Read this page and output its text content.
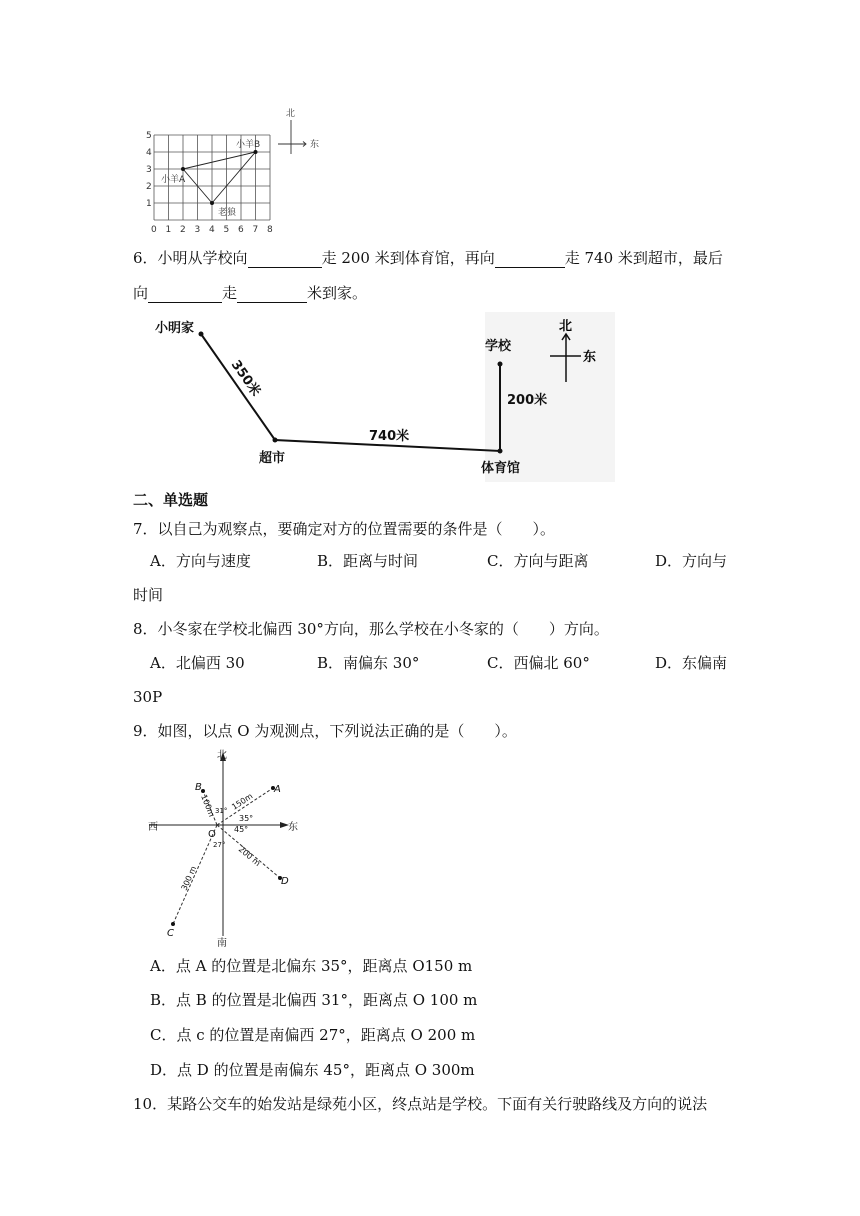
5
4
3
2
1
0 1 2 3 4 5 6 7 8
小羊A
小羊B
老狼
北
东
6．小明从学校向	走 200 米到体育馆，再向	走 740 米到超市，最后
向	走	米到家。
小明家
学校
超市
体育馆
740米
200米
350米
北
东
二、单选题
7．以自己为观察点，要确定对方的位置需要的条件是（　　）。
A．方向与速度	B．距离与时间	C．方向与距离	D．方向与
时间
8．小冬家在学校北偏西 30°方向，那么学校在小冬家的（　　）方向。
A．北偏西 30	B．南偏东 30°	C．西偏北 60°	D．东偏南
30P
9．如图，以点 O 为观测点，下列说法正确的是（　　）。
北
南
西	东
O
A
B
C
D
150m
100m
300 m
200 m
35°
31°
27°
45°
A．点 A 的位置是北偏东 35°，距离点 O150 m
B．点 B 的位置是北偏西 31°，距离点 O 100 m
C．点 c 的位置是南偏西 27°，距离点 O 200 m
D．点 D 的位置是南偏东 45°，距离点 O 300m
10．某路公交车的始发站是绿苑小区，终点站是学校。下面有关行驶路线及方向的说法
